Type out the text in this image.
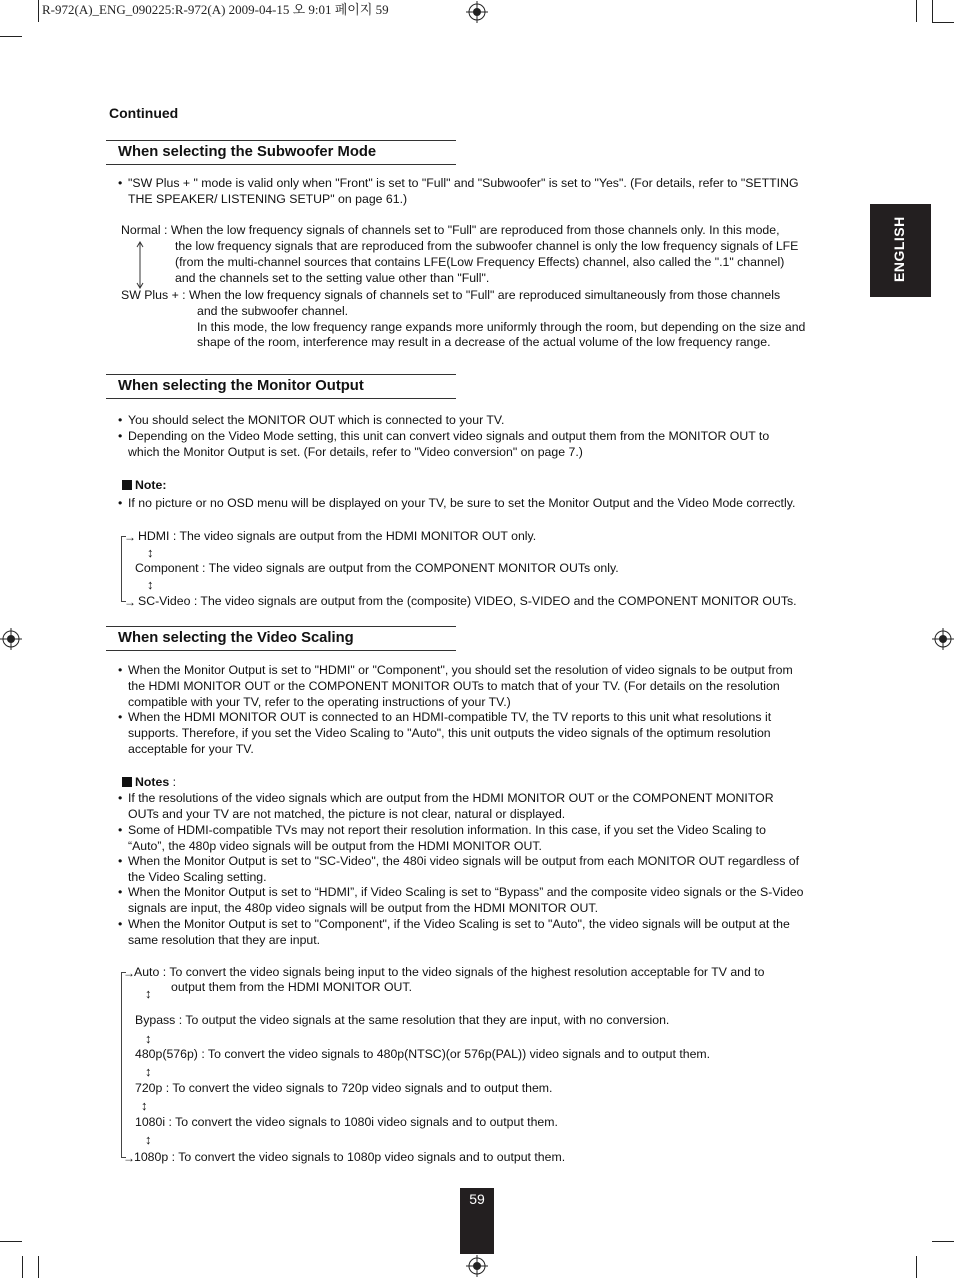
R-972(A)_ENG_090225:R-972(A) 2009-04-15 오 9:01 페이지 59
ENGLISH
Continued
When selecting the Subwoofer Mode
• "SW Plus + " mode is valid only when "Front" is set to "Full" and "Subwoofer" is set to "Yes". (For details, refer to "SETTING
THE SPEAKER/ LISTENING SETUP" on page 61.)
Normal : When the low frequency signals of channels set to "Full" are reproduced from those channels only. In this mode,
the low frequency signals that are reproduced from the subwoofer channel is only the low frequency signals of LFE
(from the multi-channel sources that contains LFE(Low Frequency Effects) channel, also called the ".1" channel)
and the channels set to the setting value other than "Full".
SW Plus + : When the low frequency signals of channels set to "Full" are reproduced simultaneously from those channels
and the subwoofer channel.
In this mode, the low frequency range expands more uniformly through the room, but depending on the size and
shape of the room, interference may result in a decrease of the actual volume of the low frequency range.
When selecting the Monitor Output
• You should select the MONITOR OUT which is connected to your TV.
• Depending on the Video Mode setting, this unit can convert video signals and output them from the MONITOR OUT to
which the Monitor Output is set. (For details, refer to "Video conversion" on page 7.)
Note:
• If no picture or no OSD menu will be displayed on your TV, be sure to set the Monitor Output and the Video Mode correctly.
→
→
HDMI : The video signals are output from the HDMI MONITOR OUT only.
↕
Component : The video signals are output from the COMPONENT MONITOR OUTs only.
↕
SC-Video : The video signals are output from the (composite) VIDEO, S-VIDEO and the COMPONENT MONITOR OUTs.
When selecting the Video Scaling
• When the Monitor Output is set to "HDMI" or "Component", you should set the resolution of video signals to be output from
the HDMI MONITOR OUT or the COMPONENT MONITOR OUTs to match that of your TV. (For details on the resolution
compatible with your TV, refer to the operating instructions of your TV.)
• When the HDMI MONITOR OUT is connected to an HDMI-compatible TV, the TV reports to this unit what resolutions it
supports. Therefore, if you set the Video Scaling to "Auto", this unit outputs the video signals of the optimum resolution
acceptable for your TV.
Notes :
• If the resolutions of the video signals which are output from the HDMI MONITOR OUT or the COMPONENT MONITOR
OUTs and your TV are not matched, the picture is not clear, natural or displayed.
• Some of HDMI-compatible TVs may not report their resolution information. In this case, if you set the Video Scaling to
“Auto”, the 480p video signals will be output from the HDMI MONITOR OUT.
• When the Monitor Output is set to "SC-Video", the 480i video signals will be output from each MONITOR OUT regardless of
the Video Scaling setting.
• When the Monitor Output is set to “HDMI”, if Video Scaling is set to “Bypass” and the composite video signals or the S-Video
signals are input, the 480p video signals will be output from the HDMI MONITOR OUT.
• When the Monitor Output is set to "Component", if the Video Scaling is set to "Auto", the video signals will be output at the
same resolution that they are input.
→
→
Auto : To convert the video signals being input to the video signals of the highest resolution acceptable for TV and to
output them from the HDMI MONITOR OUT.
↕
Bypass : To output the video signals at the same resolution that they are input, with no conversion.
↕
480p(576p) : To convert the video signals to 480p(NTSC)(or 576p(PAL)) video signals and to output them.
↕
720p : To convert the video signals to 720p video signals and to output them.
↕
1080i : To convert the video signals to 1080i video signals and to output them.
↕
1080p : To convert the video signals to 1080p video signals and to output them.
59
